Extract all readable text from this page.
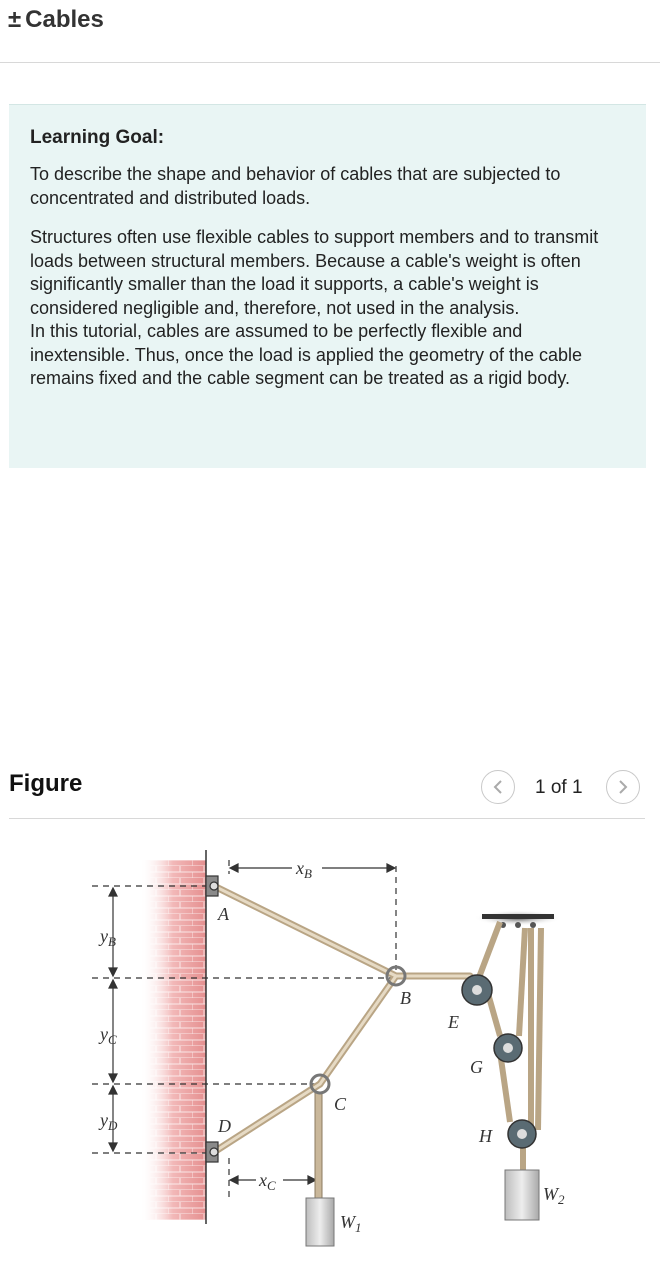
± Cables
Learning Goal:

To describe the shape and behavior of cables that are subjected to concentrated and distributed loads.

Structures often use flexible cables to support members and to transmit loads between structural members. Because a cable's weight is often significantly smaller than the load it supports, a cable's weight is considered negligible and, therefore, not used in the analysis.

In this tutorial, cables are assumed to be perfectly flexible and inextensible. Thus, once the load is applied the geometry of the cable remains fixed and the cable segment can be treated as a rigid body.

Figure	1 of 1
A
B
C
D
E
G
H
$x_B$
$x_C$
$y_B$
$y_C$
$y_D$
$W_1$
$W_2$
